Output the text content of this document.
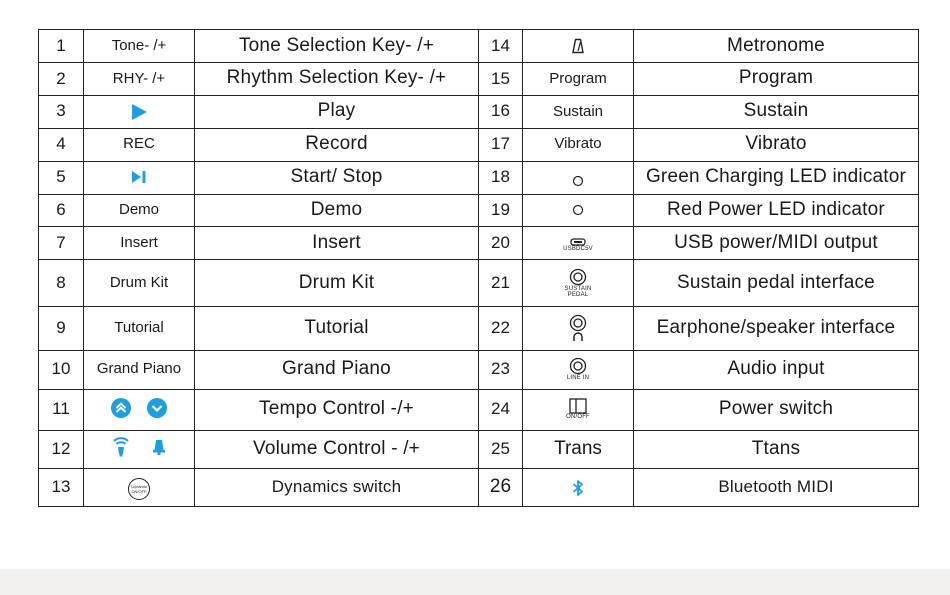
1	Tone- /+	Tone Selection Key- /+	14		Metronome
2	RHY- /+	Rhythm Selection Key- /+	15	Program	Program
3		Play	16	Sustain	Sustain
4	REC	Record	17	Vibrato	Vibrato
5		Start/ Stop	18		Green Charging LED indicator
6	Demo	Demo	19		Red Power LED indicator
7	Insert	Insert	20	USBDC5V	USB power/MIDI output
8	Drum Kit	Drum Kit	21	SUSTAIN PEDAL	Sustain pedal interface
9	Tutorial	Tutorial	22		Earphone/speaker interface
10	Grand Piano	Grand Piano	23	LINE IN	Audio input
11		Tempo Control -/+	24	ON/OFF	Power switch
12		Volume Control - /+	25	Trans	Ttans
13	Dynamic ON/OFF	Dynamics switch	26		Bluetooth MIDI
